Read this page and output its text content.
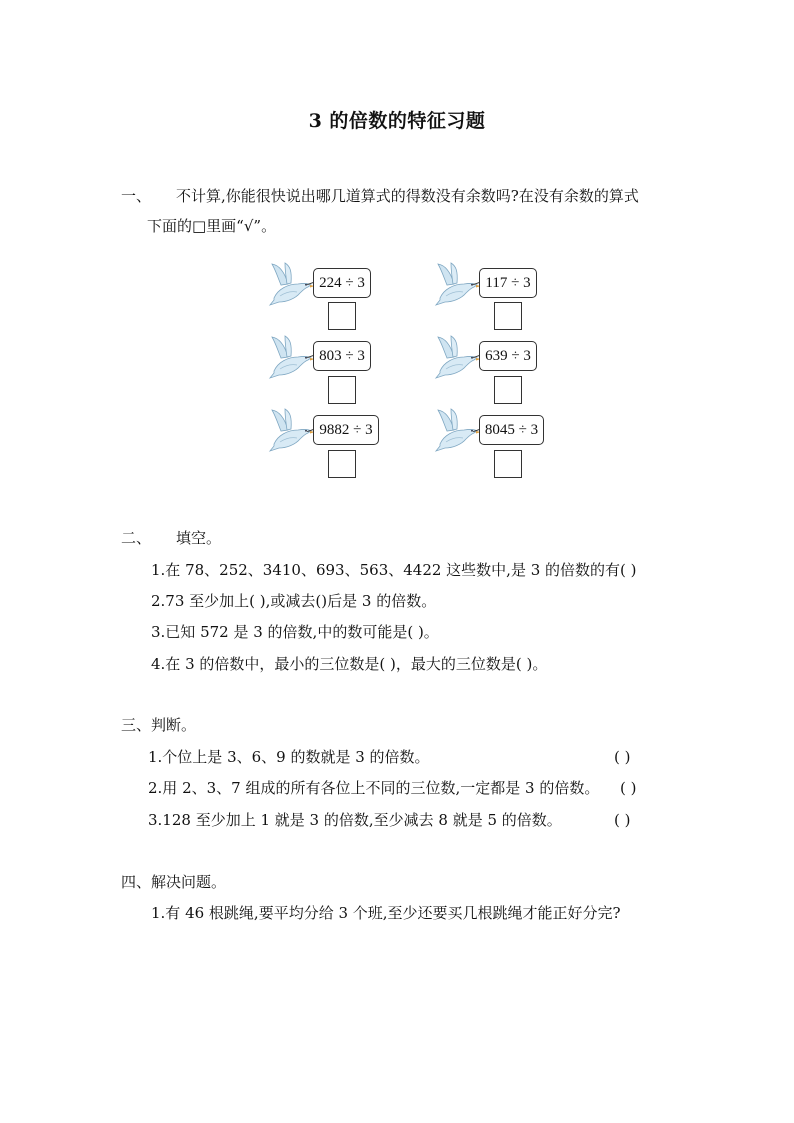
3 的倍数的特征习题
一、 不计算,你能很快说出哪几道算式的得数没有余数吗?在没有余数的算式
下面的□里画“√”。
224 ÷ 3	117 ÷ 3
803 ÷ 3	639 ÷ 3
9882 ÷ 3	8045 ÷ 3
二、 填空。
1.在 78、252、3410、693、563、4422 这些数中,是 3 的倍数的有( )
2.73 至少加上( ),或减去()后是 3 的倍数。
3.已知 572 是 3 的倍数,中的数可能是( )。
4.在 3 的倍数中，最小的三位数是( )，最大的三位数是( )。
三、判断。
1.个位上是 3、6、9 的数就是 3 的倍数。	( )
2.用 2、3、7 组成的所有各位上不同的三位数,一定都是 3 的倍数。 ( )
3.128 至少加上 1 就是 3 的倍数,至少减去 8 就是 5 的倍数。	( )
四、解决问题。
1.有 46 根跳绳,要平均分给 3 个班,至少还要买几根跳绳才能正好分完?
